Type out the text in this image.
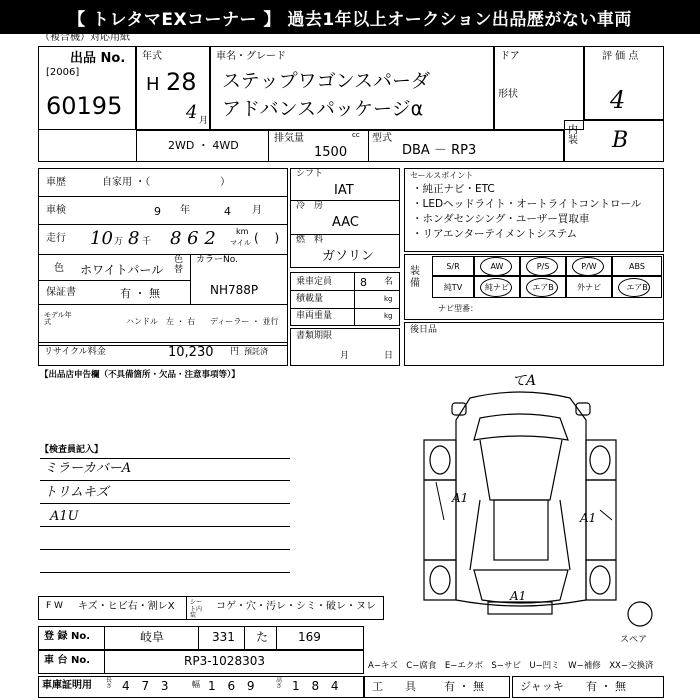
【 トレタマEXコーナー 】 過去1年以上オークション出品歴がない車両
（複合機）対応用紙
出品 No.
[2006]
60195
年式
H 28
4 月
車名・グレード
ステップワゴンスパーダ
アドバンスパッケージα
ドア
形状
評 価 点
4
内装 B
2WD ・ 4WD
排気量	cc
1500
型式
DBA － RP3
車歴	自家用 ・（　　　　　　　）
車検	9 年	4 月
走行 10 万 8 千 8 6 2	km
マイル (　 )
色 ホワイトパール
色替
カラーNo.
NH788P
保証書	有 ・ 無
モデル年式	ハンドル　左 ・ 右 ディーラー ・ 並行
シフト
IAT
冷　房
AAC
燃　料
ガソリン
乗車定員	8 名
積載量	kg
車両重量	kg
書類期限
月	日
リサイクル料金	10,230 円 預託済
セールスポイント
・純正ナビ・ETC
・LEDヘッドライト・オートライトコントロール
・ホンダセンシング・ユーザー買取車
・リアエンターテイメントシステム
装備
S/R	AW	P/S	P/W	ABS
純TV	純ナビ	エアB	外ナビ	エアB
ナビ型番：
後日品
【出品店申告欄（不具備箇所・欠品・注意事項等）】
【検査員記入】
ミラーカバーA
トリムキズ
A1U
てA
A1
A1
A1
スペア
F W キズ・ヒビ右・割レX	シート内装
コゲ・穴・汚レ・シミ・破レ・ヌレ
登 録 No.	岐阜	331 た 169
車 台 No.	RP3-1028303	A−キズ　C−腐食　E−エクボ　S−サビ　U−凹ミ　W−補修　XX−交換済
車庫証明用 長さ 4 7 3 幅 1 6 9	高さ 1 8 4	工　　具	有 ・ 無	ジャッキ 有 ・ 無
